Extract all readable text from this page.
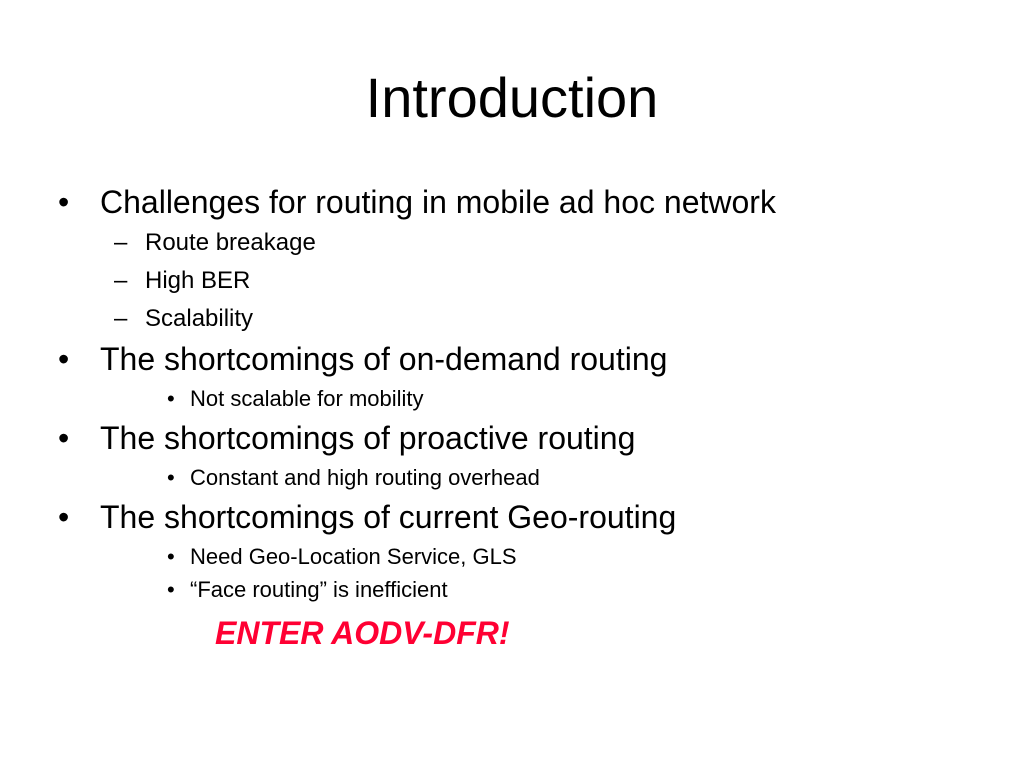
Introduction
• Challenges for routing in mobile ad hoc network
– Route breakage
– High BER
– Scalability
• The shortcomings of on-demand routing
• Not scalable for mobility
• The shortcomings of proactive routing
• Constant and high routing overhead
• The shortcomings of current Geo-routing
• Need Geo-Location Service, GLS
• “Face routing” is inefficient
ENTER AODV-DFR!
